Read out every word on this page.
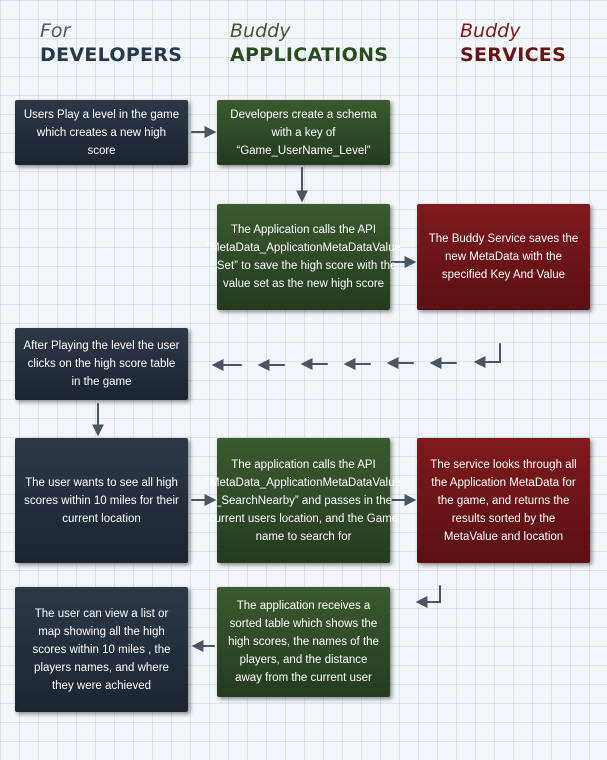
For
DEVELOPERS
Buddy
APPLICATIONS
Buddy
SERVICES
Users Play a level in the game which creates a new high score
Developers create a schema with a key of “Game_UserName_Level”
The Application calls the API “MetaData_ApplicationMetaDataValue _Set” to save the high score with the value set as the new high score
The Buddy Service saves the new MetaData with the specified Key And Value
After Playing the level the user clicks on the high score table in the game
The user wants to see all high scores within 10 miles for their current location
The application calls the API “MetaData_ApplicationMetaDataValue _SearchNearby” and passes in the current users location, and the Game name to search for
The service looks through all the Application MetaData for the game, and returns the results sorted by the MetaValue and location
The application receives a sorted table which shows the high scores, the names of the players, and the distance away from the current user
The user can view a list or map showing all the high scores within 10 miles , the players names, and where they were achieved
